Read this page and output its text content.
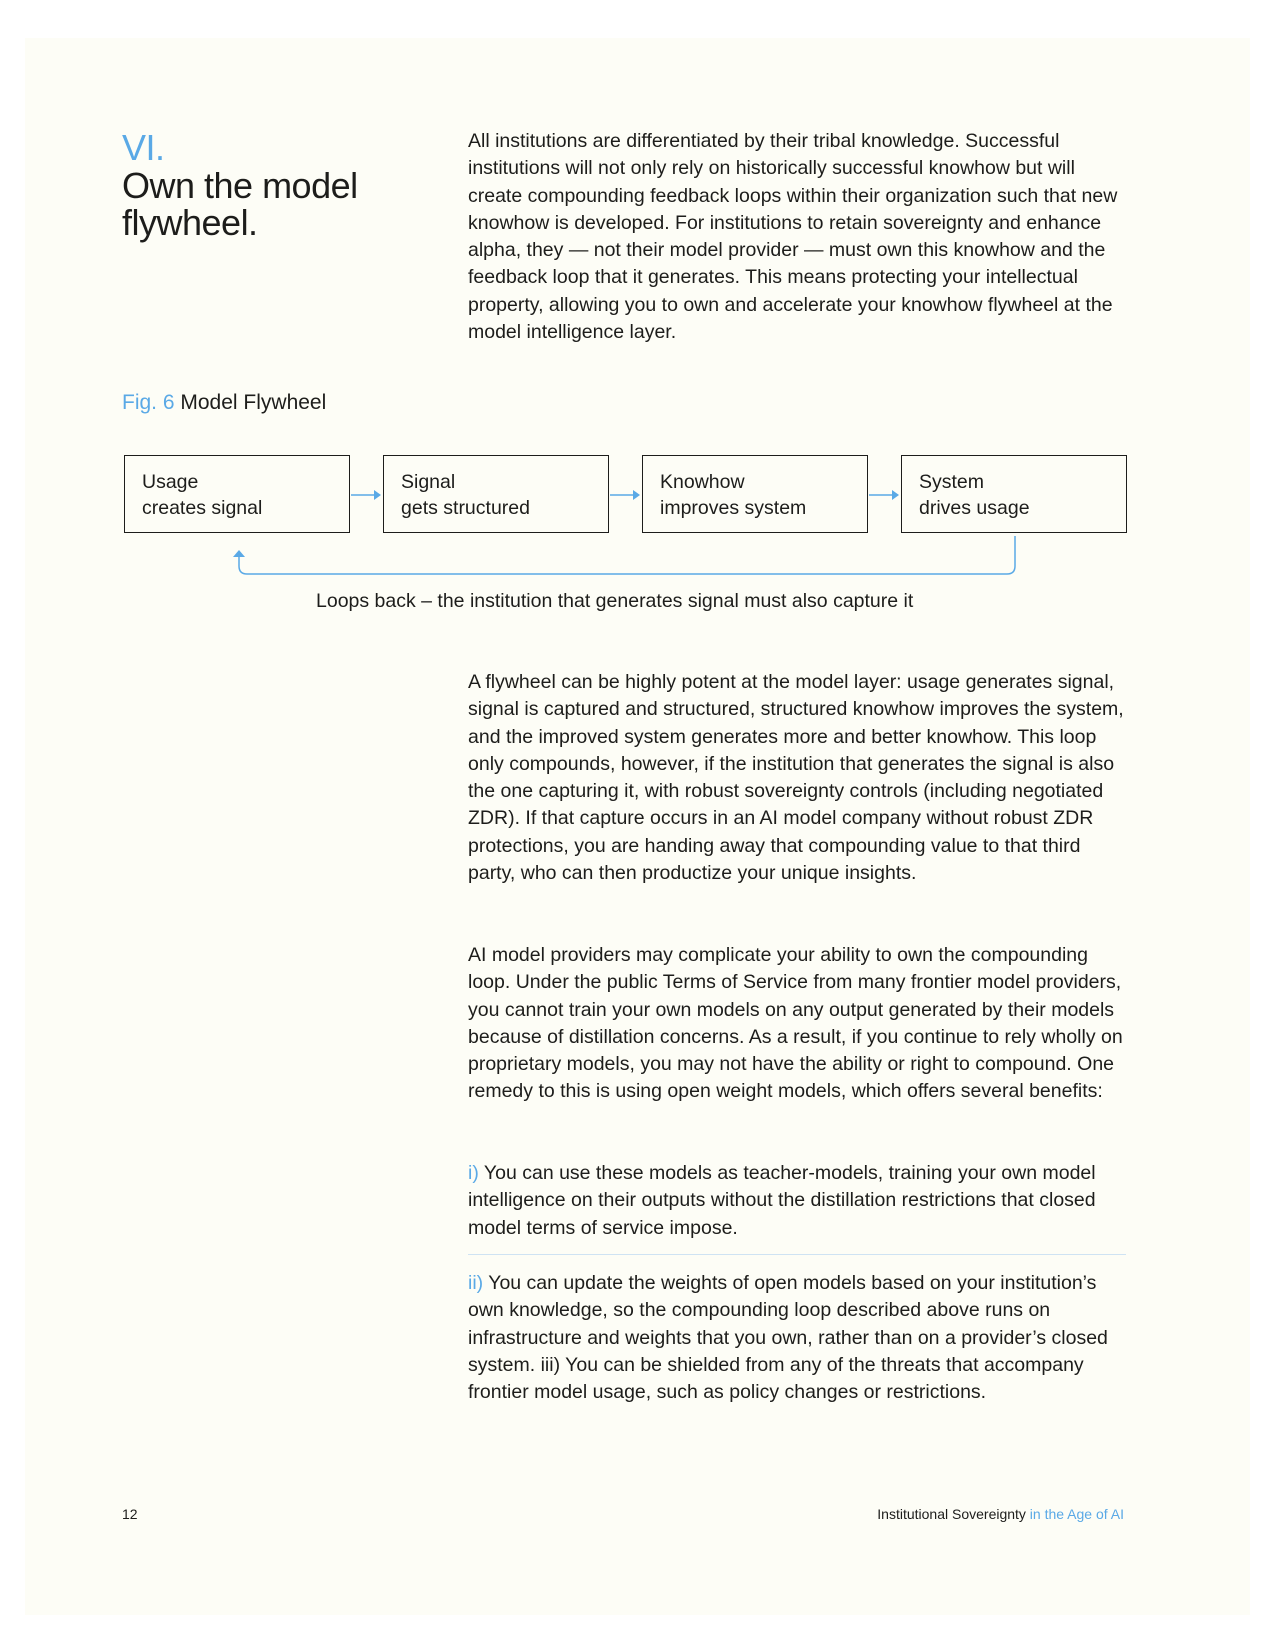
VI.
Own the model flywheel.
All institutions are differentiated by their tribal knowledge. Successful institutions will not only rely on historically successful knowhow but will create compounding feedback loops within their organization such that new knowhow is developed. For institutions to retain sovereignty and enhance alpha, they — not their model provider — must own this knowhow and the feedback loop that it generates. This means protecting your intellectual property, allowing you to own and accelerate your knowhow flywheel at the model intelligence layer.
Fig. 6 Model Flywheel
Usage
creates signal
Signal
gets structured
Knowhow
improves system
System
drives usage
Loops back – the institution that generates signal must also capture it
A flywheel can be highly potent at the model layer: usage generates signal, signal is captured and structured, structured knowhow improves the system, and the improved system generates more and better knowhow. This loop only compounds, however, if the institution that generates the signal is also the one capturing it, with robust sovereignty controls (including negotiated ZDR). If that capture occurs in an AI model company without robust ZDR protections, you are handing away that compounding value to that third party, who can then productize your unique insights.
AI model providers may complicate your ability to own the compounding loop. Under the public Terms of Service from many frontier model providers, you cannot train your own models on any output generated by their models because of distillation concerns. As a result, if you continue to rely wholly on proprietary models, you may not have the ability or right to compound. One remedy to this is using open weight models, which offers several benefits:
i) You can use these models as teacher-models, training your own model intelligence on their outputs without the distillation restrictions that closed model terms of service impose.
ii) You can update the weights of open models based on your institution’s own knowledge, so the compounding loop described above runs on infrastructure and weights that you own, rather than on a provider’s closed system. iii) You can be shielded from any of the threats that accompany frontier model usage, such as policy changes or restrictions.
12	Institutional Sovereignty in the Age of AI
